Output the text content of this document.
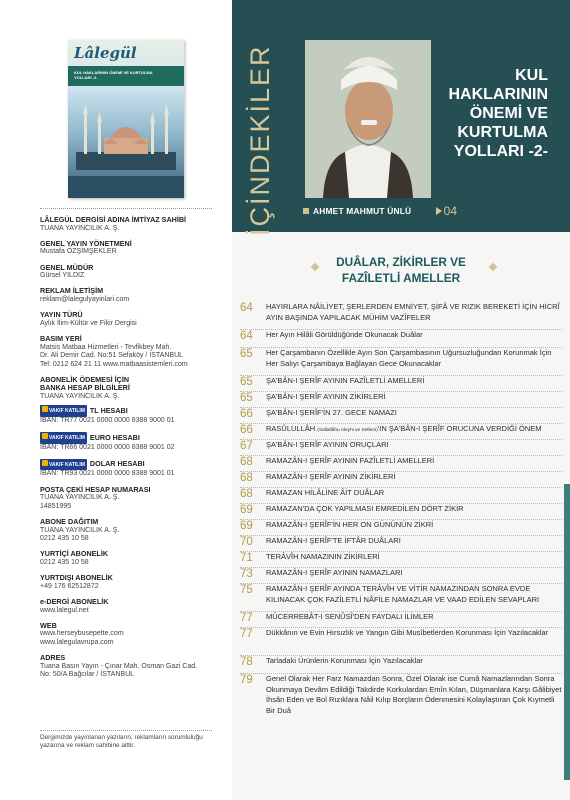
Lâlegül
KUL HAKLARININ ÖNEMİ VE KURTULMA YOLLARI -2-
LÂLEGÜL DERGİSİ ADINA İMTİYAZ SAHİBİ
TUANA YAYINCILIK A. Ş.
GENEL YAYIN YÖNETMENİ
Mustafa ÖZŞİMŞEKLER
GENEL MÜDÜR
Gürsel YILDIZ
REKLAM İLETİŞİM
reklam@lalegulyayinlari.com
YAYIN TÜRÜ
Aylık İlim-Kültür ve Fikir Dergisi
BASIM YERİ
Matsis Matbaa Hizmetleri - Tevfikbey Mah.
Dr. Ali Demir Cad. No:51 Sefaköy / İSTANBUL
Tel: 0212 624 21 11 www.matbaasistemleri.com
ABONELİK ÖDEMESİ İÇİN
BANKA HESAP BİLGİLERİ
TUANA YAYINCILIK A. Ş.
VAKIF KATILIM TL HESABI
İBAN: TR77 0021 0000 0000 8388 9000 01
VAKIF KATILIM EURO HESABI
İBAN: TR66 0021 0000 0000 8388 9001 02
VAKIF KATILIM DOLAR HESABI
İBAN: TR93 0021 0000 0000 8388 9001 01
POSTA ÇEKİ HESAP NUMARASI
TUANA YAYINCILIK A. Ş.
14851995
ABONE DAĞITIM
TUANA YAYINCILIK A. Ş.
0212 435 10 58
YURTİÇİ ABONELİK
0212 435 10 58
YURTDIŞI ABONELİK
+49 176 62512872
e-DERGİ ABONELİK
www.lalegul.net
WEB
www.herseybusepette.com
www.lalegulavrupa.com
ADRES
Tuana Basın Yayın - Çınar Mah. Osman Gazi Cad.
No: 50/A Bağcılar / İSTANBUL
Dergimizde yayınlanan yazıların, reklamların sorumluluğu yazarına ve reklam sahibine aittir.
İÇİNDEKİLER	KUL HAKLARININ ÖNEMİ VE KURTULMA YOLLARI -2-
AHMET MAHMUT ÜNLÜ	04
DUÂLAR, ZİKİRLER VE
FAZÎLETLİ AMELLER
64	HAYIRLARA NÂİLİYET, ŞERLERDEN EMNİYET, ŞİFÂ VE RIZIK BEREKETİ İÇİN HİCRÎ AYIN BAŞINDA YAPILACAK MÜHİM VAZÎFELER
64	Her Ayın Hilâli Görüldüğünde Okunacak Duâlar
65	Her Çarşambanın Özellikle Ayın Son Çarşambasının Uğursuzluğundan Korunmak İçin Her Salıyı Çarşambaya Bağlayan Gece Okunacaklar
65	ŞA'BÂN-I ŞERÎF AYININ FAZÎLETLİ AMELLERİ
65	ŞA'BÂN-I ŞERÎF AYININ ZİKİRLERİ
66	ŞA'BÂN-I ŞERÎF'İN 27. GECE NAMAZI
66	RASÛLULLÂH (Sallallâhu Aleyhi ve Sellem)'IN ŞA'BÂN-I ŞERÎF ORUCUNA VERDİĞİ ÖNEM
67	ŞA'BÂN-I ŞERÎF AYININ ORUÇLARI
68	RAMAZÂN-I ŞERÎF AYININ FAZÎLETLİ AMELLERİ
68	RAMAZÂN-I ŞERÎF AYININ ZİKİRLERİ
68	RAMAZAN HİLÂLİNE ÂİT DUÂLAR
69	RAMAZAN'DA ÇOK YAPILMASI EMREDİLEN DÖRT ZİKİR
69	RAMAZÂN-I ŞERÎF'İN HER ON GÜNÜNÜN ZİKRİ
70	RAMAZÂN-I ŞERÎF'TE İFTÂR DUÂLARI
71	TERÂVÎH NAMAZININ ZİKİRLERİ
73	RAMAZÂN-I ŞERÎF AYININ NAMAZLARI
75	RAMAZÂN-I ŞERÎF AYINDA TERÂVÎH VE VİTİR NAMAZINDAN SONRA EVDE KILINACAK ÇOK FAZÎLETLİ NÂFİLE NAMAZLAR VE VAAD EDİLEN SEVAPLARI
77	MÜCERREBÂT-I SENÛSÎ'DEN FAYDALI İLİMLER
77	Dükkânın ve Evin Hırsızlık ve Yangın Gibi Musîbetlerden Korunması İçin Yazılacaklar
78	Tarladaki Ürünlerin Korunması İçin Yazılacaklar
79	Genel Olarak Her Farz Namazdan Sonra, Özel Olarak ise Cumâ Namazlarından Sonra Okunmaya Devâm Edildiği Takdirde Korkulardan Emîn Kılan, Düşmanlara Karşı Gâlibiyet İhsân Eden ve Bol Rızıklara Nâil Kılıp Borçların Ödenmesini Kolaylaştıran Çok Kıymetli Bir Duâ
